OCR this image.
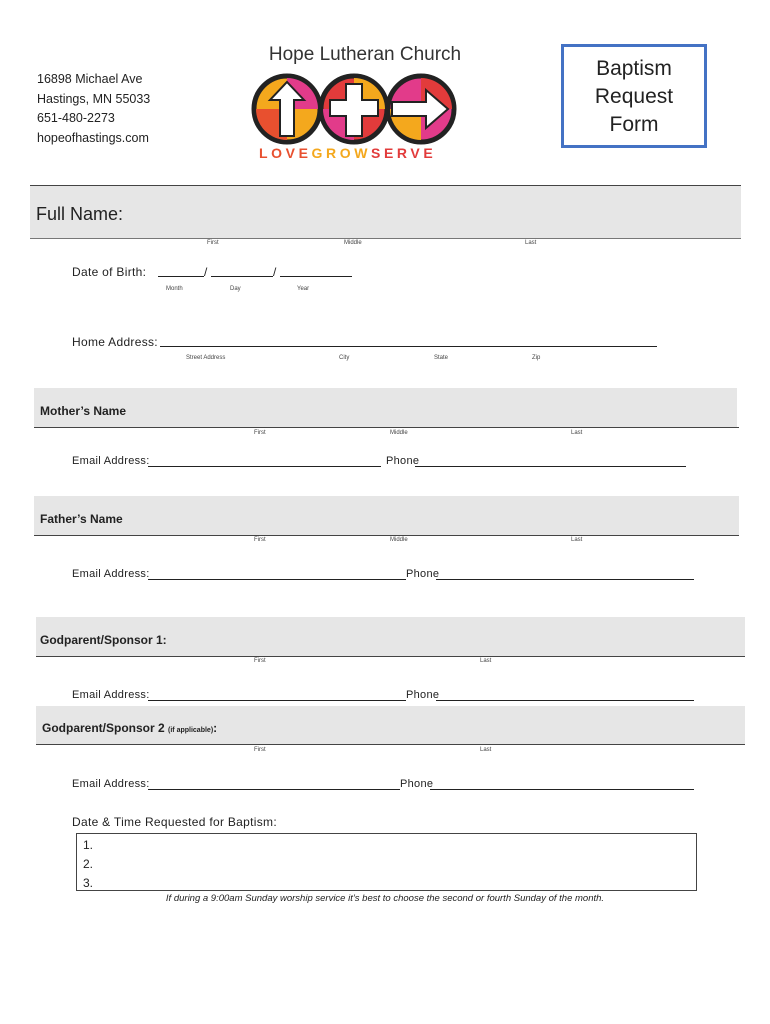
16898 Michael Ave
Hastings, MN 55033
651-480-2273
hopeofhastings.com
Hope Lutheran Church
LOVEGROWSERVE
Baptism
Request
Form
Full Name:
First	Middle	Last
Date of Birth:	/	/
Month	Day	Year
Home Address:
Street Address	City	State	Zip
Mother’s Name
First	Middle	Last
Email Address:	Phone
Father’s Name
First	Middle	Last
Email Address:	Phone
Godparent/Sponsor 1:
First	Last
Email Address:	Phone
Godparent/Sponsor 2 (if applicable):
First	Last
Email Address:	Phone
Date & Time Requested for Baptism:
1.
2.
3.
If during a 9:00am Sunday worship service it’s best to choose the second or fourth Sunday of the month.
